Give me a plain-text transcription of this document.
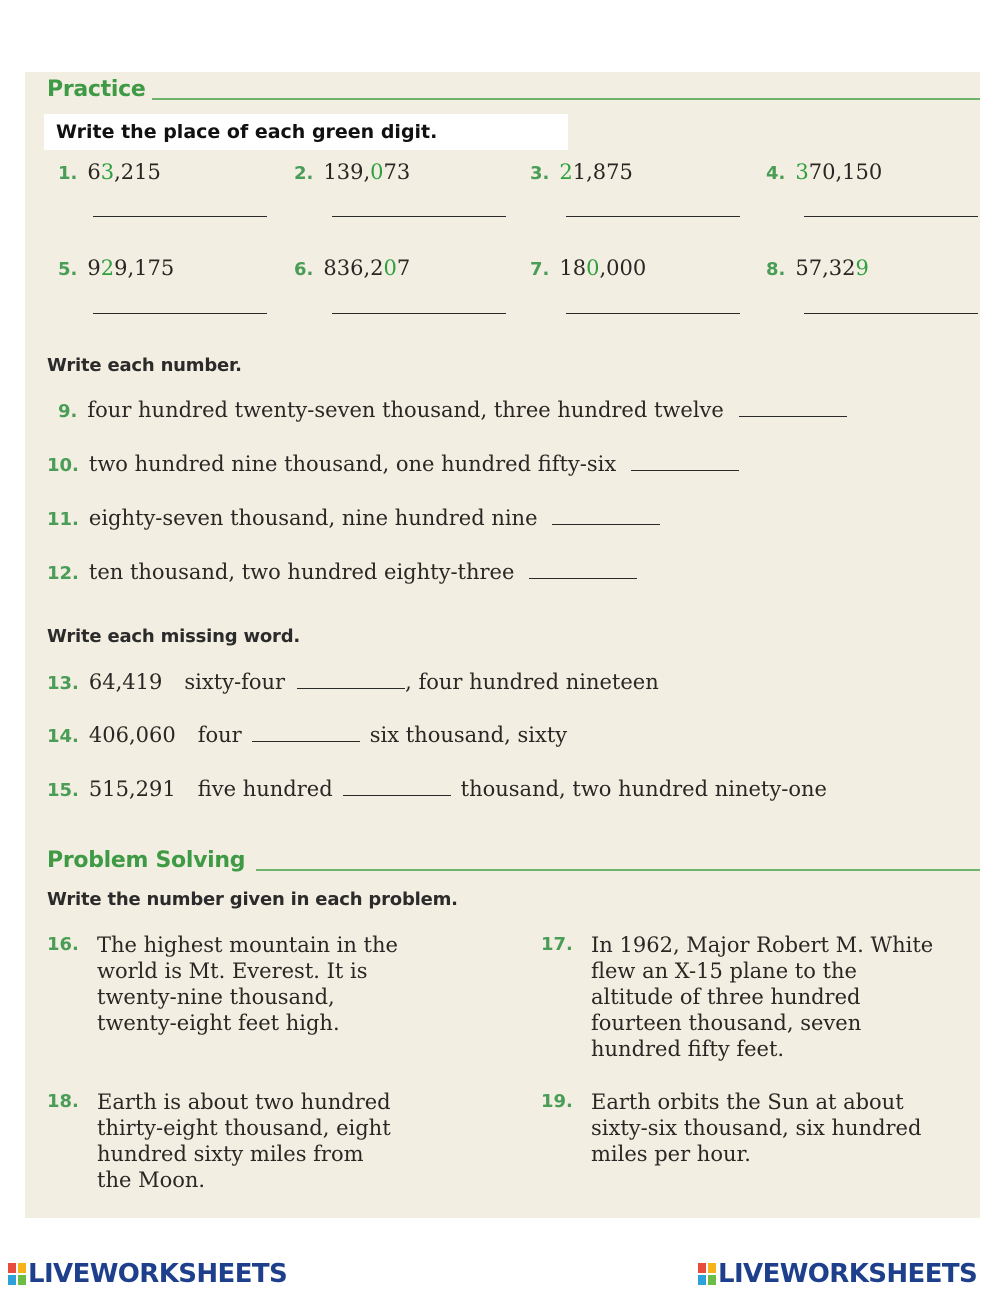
Practice
Write the place of each green digit.
1. 63,215	2. 139,073	3. 21,875	4. 370,150
5. 929,175	6. 836,207	7. 180,000	8. 57,329
Write each number.
9. four hundred twenty-seven thousand, three hundred twelve
10. two hundred nine thousand, one hundred fifty-six
11. eighty-seven thousand, nine hundred nine
12. ten thousand, two hundred eighty-three
Write each missing word.
13. 64,419 sixty-four	, four hundred nineteen
14. 406,060 four	six thousand, sixty
15. 515,291 five hundred	thousand, two hundred ninety-one
Problem Solving
Write the number given in each problem.
16. The highest mountain in the
world is Mt. Everest. It is
twenty-nine thousand,
twenty-eight feet high.
17. In 1962, Major Robert M. White
flew an X-15 plane to the
altitude of three hundred
fourteen thousand, seven
hundred fifty feet.
18. Earth is about two hundred
thirty-eight thousand, eight
hundred sixty miles from
the Moon.
19. Earth orbits the Sun at about
sixty-six thousand, six hundred
miles per hour.
LIVEWORKSHEETS	LIVEWORKSHEETS
